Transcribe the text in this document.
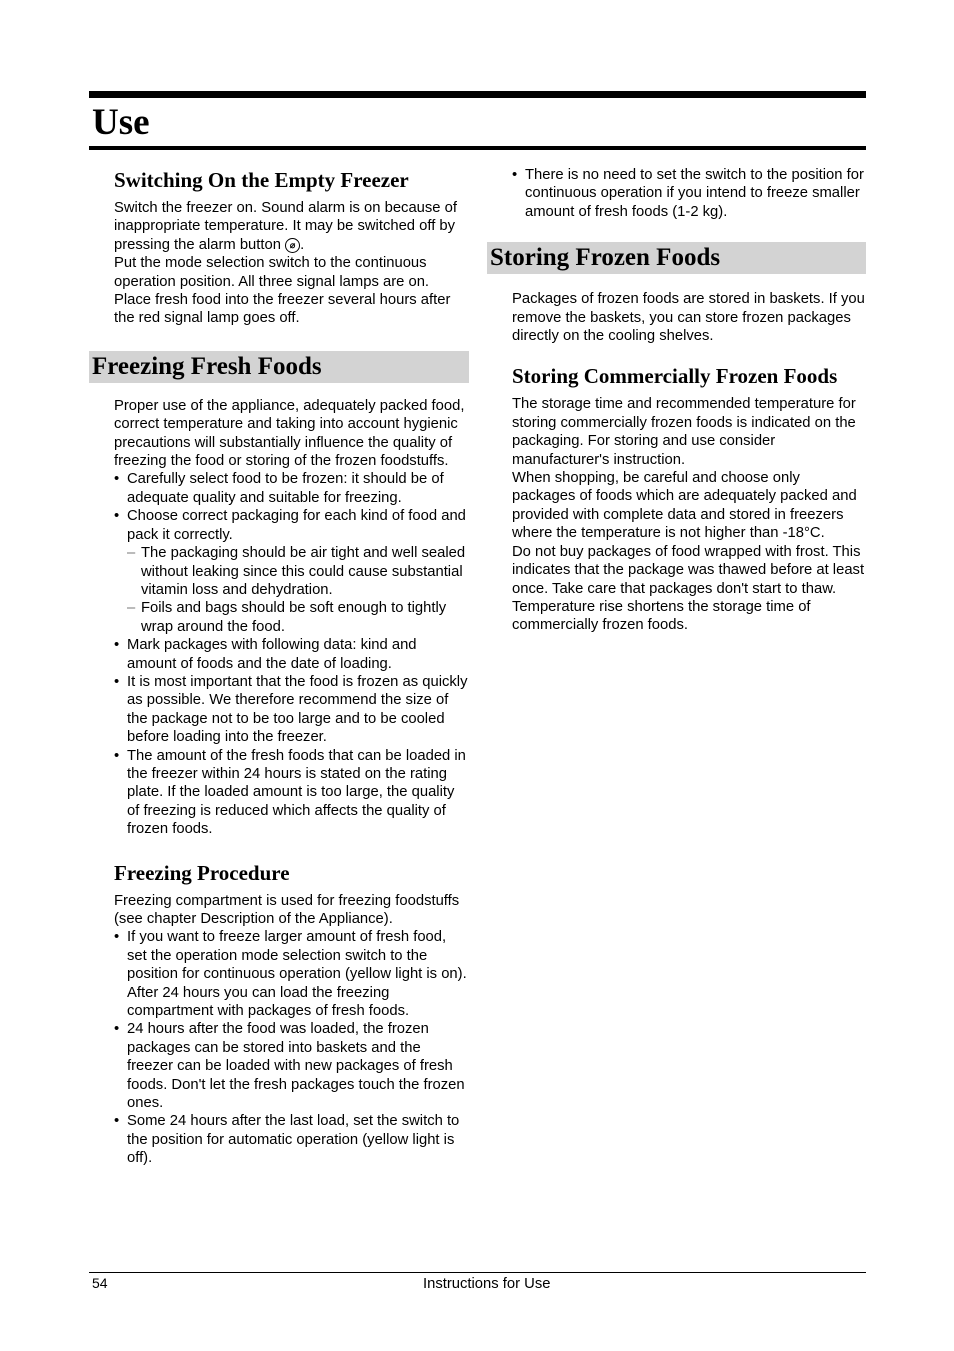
Use
Switching On the Empty Freezer

Switch the freezer on. Sound alarm is on because of inappropriate temperature. It may be switched off by pressing the alarm button ⌀ .

Put the mode selection switch to the continuous operation position. All three signal lamps are on. Place fresh food into the freezer several hours after the red signal lamp goes off.

Freezing Fresh Foods

Proper use of the appliance, adequately packed food, correct temperature and taking into account hygienic precautions will substantially influence the quality of freezing the food or storing of the frozen foodstuffs.

• Carefully select food to be frozen: it should be of adequate quality and suitable for freezing.
• Choose correct packaging for each kind of food and pack it correctly.
– The packaging should be air tight and well sealed without leaking since this could cause substantial vitamin loss and dehydration.
– Foils and bags should be soft enough to tightly wrap around the food.
• Mark packages with following data: kind and amount of foods and the date of loading.
• It is most important that the food is frozen as quickly as possible. We therefore recommend the size of the package not to be too large and to be cooled before loading into the freezer.
• The amount of the fresh foods that can be loaded in the freezer within 24 hours is stated on the rating plate. If the loaded amount is too large, the quality of freezing is reduced which affects the quality of frozen foods.
Freezing Procedure

Freezing compartment is used for freezing foodstuffs (see chapter Description of the Appliance).

• If you want to freeze larger amount of fresh food, set the operation mode selection switch to the position for continuous operation (yellow light is on). After 24 hours you can load the freezing compartment with packages of fresh foods.
• 24 hours after the food was loaded, the frozen packages can be stored into baskets and the freezer can be loaded with new packages of fresh foods. Don't let the fresh packages touch the frozen ones.
• Some 24 hours after the last load, set the switch to the position for automatic operation (yellow light is off).
• There is no need to set the switch to the position for continuous operation if you intend to freeze smaller amount of fresh foods (1-2 kg).
Storing Frozen Foods

Packages of frozen foods are stored in baskets. If you remove the baskets, you can store frozen packages directly on the cooling shelves.

Storing Commercially Frozen Foods

The storage time and recommended temperature for storing commercially frozen foods is indicated on the packaging. For storing and use consider manufacturer's instruction.

When shopping, be careful and choose only packages of foods which are adequately packed and provided with complete data and stored in freezers where the temperature is not higher than -18°C.

Do not buy packages of food wrapped with frost. This indicates that the package was thawed before at least once. Take care that packages don't start to thaw. Temperature rise shortens the storage time of commercially frozen foods.

54	Instructions for Use
